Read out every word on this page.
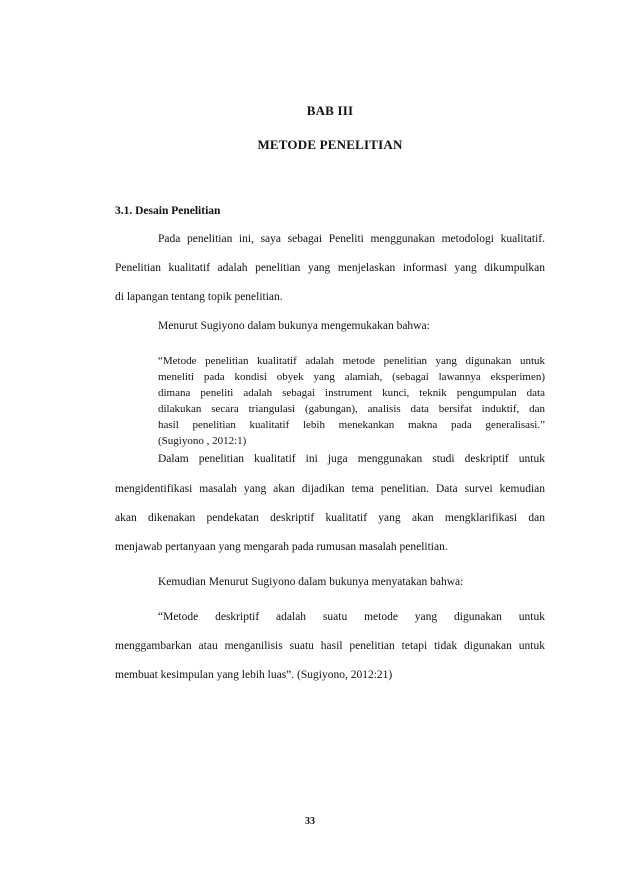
BAB III
METODE PENELITIAN
3.1. Desain Penelitian
Pada penelitian ini, saya sebagai Peneliti menggunakan metodologi kualitatif.
Penelitian kualitatif adalah penelitian yang menjelaskan informasi yang dikumpulkan
di lapangan tentang topik penelitian.
Menurut Sugiyono dalam bukunya mengemukakan bahwa:
“Metode penelitian kualitatif adalah metode penelitian yang digunakan untuk
meneliti pada kondisi obyek yang alamiah, (sebagai lawannya eksperimen)
dimana peneliti adalah sebagai instrument kunci, teknik pengumpulan data
dilakukan secara triangulasi (gabungan), analisis data bersifat induktif, dan
hasil penelitian kualitatif lebih menekankan makna pada generalisasi.”
(Sugiyono , 2012:1)
Dalam penelitian kualitatif ini juga menggunakan studi deskriptif untuk
mengidentifikasi masalah yang akan dijadikan tema penelitian. Data survei kemudian
akan dikenakan pendekatan deskriptif kualitatif yang akan mengklarifikasi dan
menjawab pertanyaan yang mengarah pada rumusan masalah penelitian.
Kemudian Menurut Sugiyono dalam bukunya menyatakan bahwa:
“Metode deskriptif adalah suatu metode yang digunakan untuk
menggambarkan atau menganilisis suatu hasil penelitian tetapi tidak digunakan untuk
membuat kesimpulan yang lebih luas”. (Sugiyono, 2012:21)
33
